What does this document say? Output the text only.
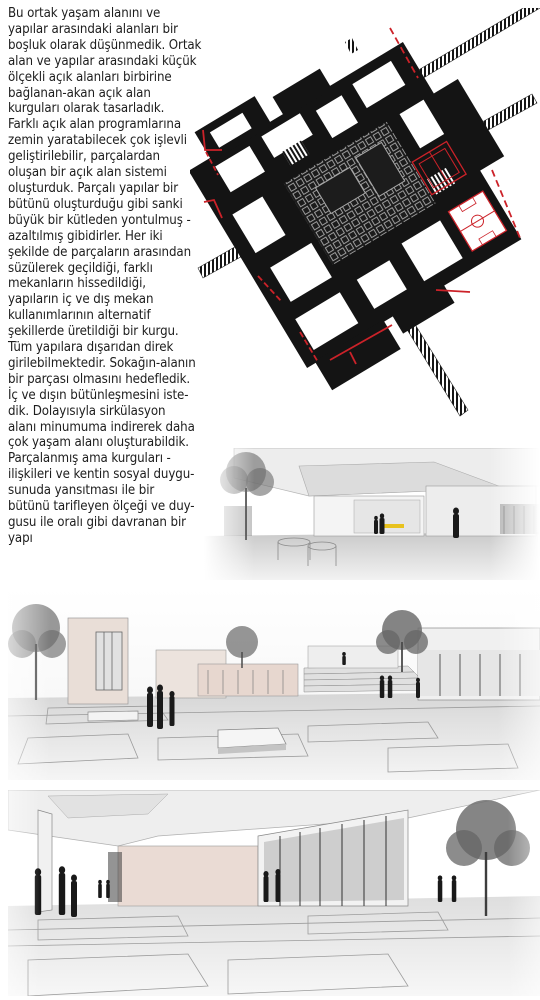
Bu ortak yaşam alanını ve
yapılar arasındaki alanları bir
boşluk olarak düşünmedik. Ortak
alan ve yapılar arasındaki küçük
ölçekli açık alanları birbirine
bağlanan-akan açık alan
kurguları olarak tasarladık.
Farklı açık alan programlarına
zemin yaratabilecek çok işlevli
geliştirilebilir, parçalardan
oluşan bir açık alan sistemi
oluşturduk. Parçalı yapılar bir
bütünü oluşturduğu gibi sanki
büyük bir kütleden yontulmuş -
azaltılmış gibidirler. Her iki
şekilde de parçaların arasından
süzülerek geçildiği, farklı
mekanların hissedildiği,
yapıların iç ve dış mekan
kullanımlarının alternatif
şekillerde üretildiği bir kurgu.
Tüm yapılara dışarıdan direk
girilebilmektedir. Sokağın-alanın
bir parçası olmasını hedefledik.
İç ve dışın bütünleşmesini iste-
dik. Dolayısıyla sirkülasyon
alanı minumuma indirerek daha
çok yaşam alanı oluşturabildik.
Parçalanmış ama kurguları -
ilişkileri ve kentin sosyal duygu-
sunuda yansıtması ile bir
bütünü tarifleyen ölçeği ve duy-
gusu ile oralı gibi davranan bir
yapı
